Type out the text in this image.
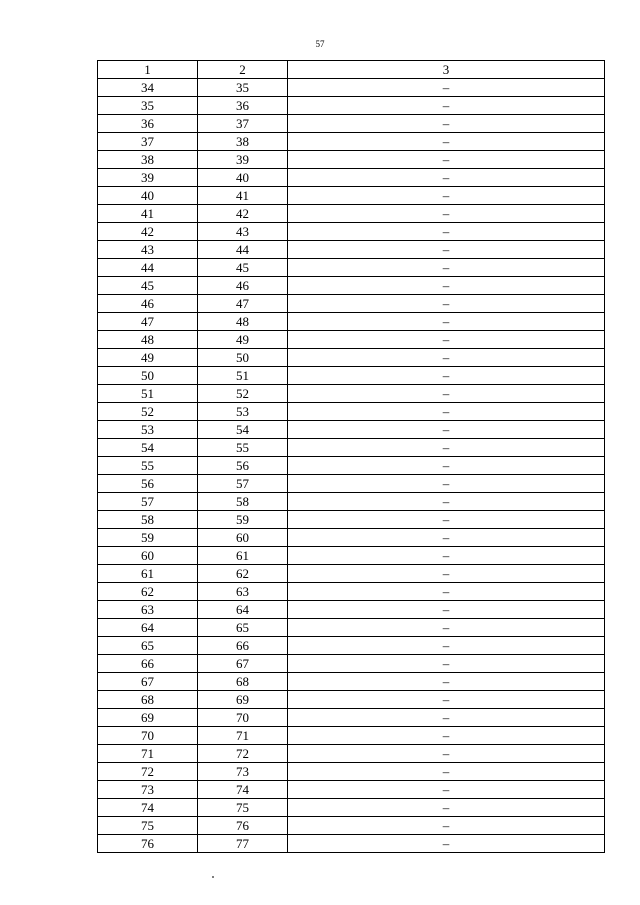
57
1	2	3
34	35	–
35	36	–
36	37	–
37	38	–
38	39	–
39	40	–
40	41	–
41	42	–
42	43	–
43	44	–
44	45	–
45	46	–
46	47	–
47	48	–
48	49	–
49	50	–
50	51	–
51	52	–
52	53	–
53	54	–
54	55	–
55	56	–
56	57	–
57	58	–
58	59	–
59	60	–
60	61	–
61	62	–
62	63	–
63	64	–
64	65	–
65	66	–
66	67	–
67	68	–
68	69	–
69	70	–
70	71	–
71	72	–
72	73	–
73	74	–
74	75	–
75	76	–
76	77	–
